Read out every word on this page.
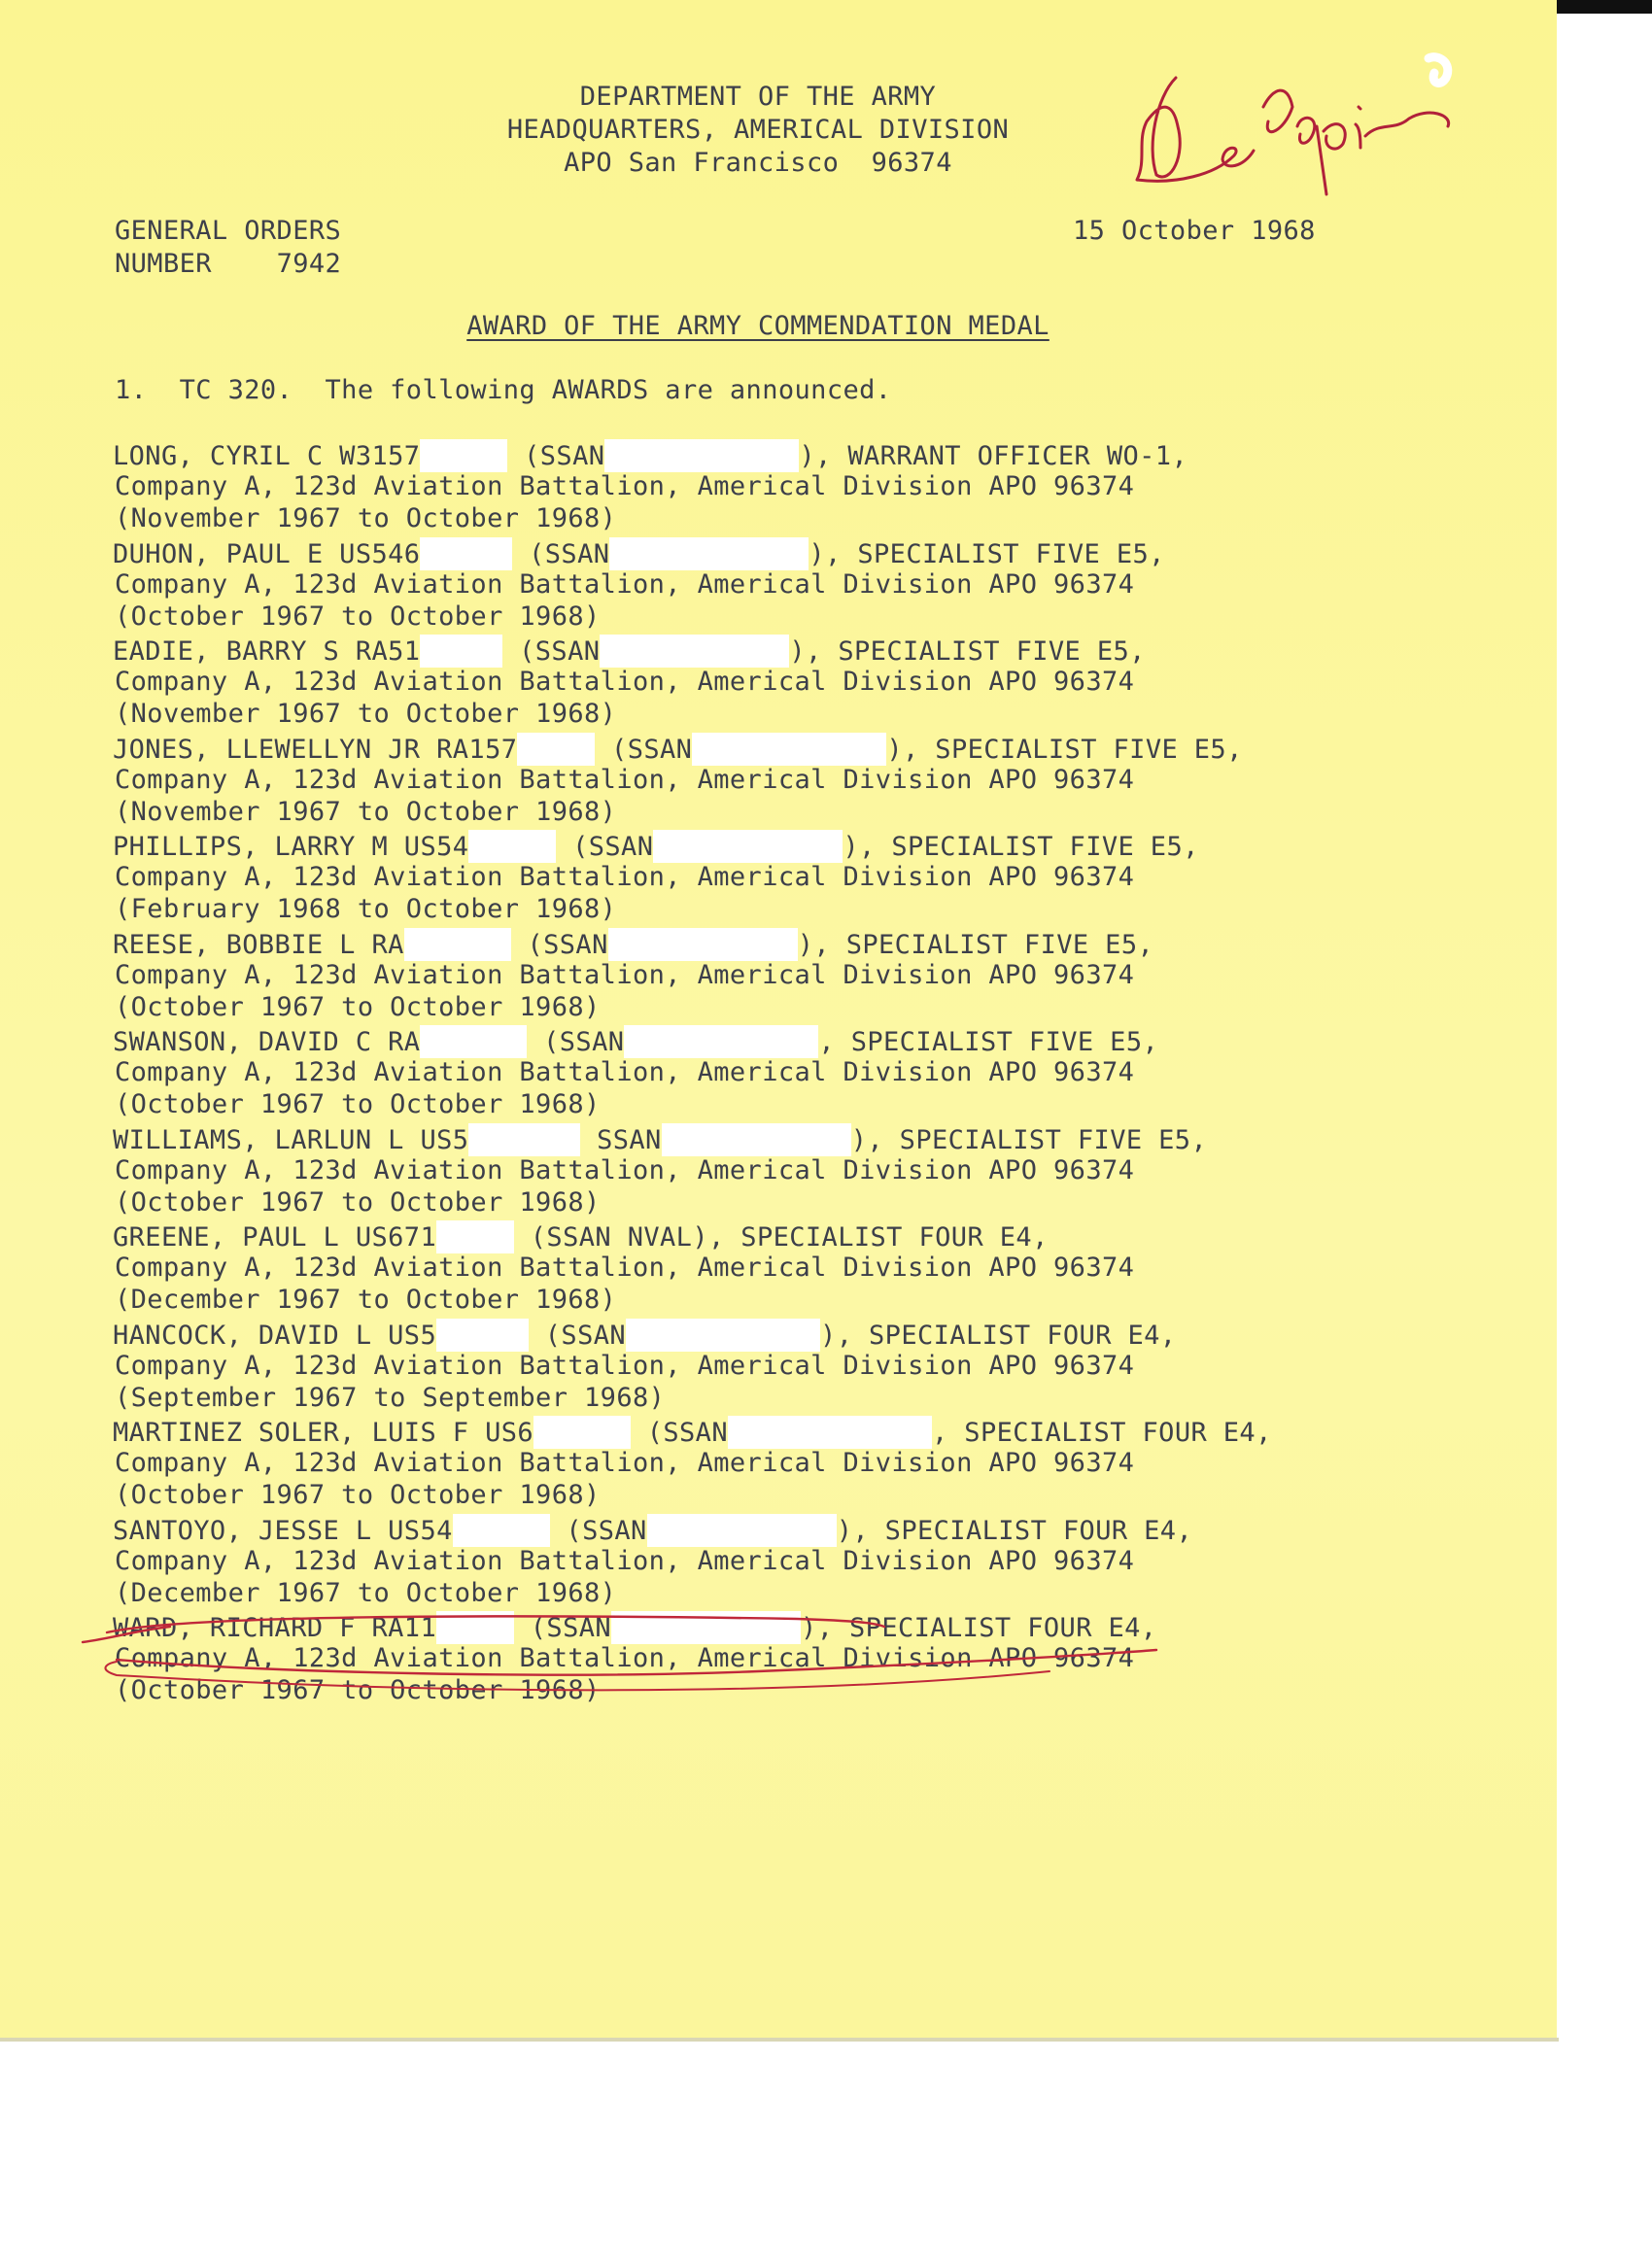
DEPARTMENT OF THE ARMY
HEADQUARTERS, AMERICAL DIVISION
APO San Francisco  96374
GENERAL ORDERS
NUMBER 7942
15 October 1968
AWARD OF THE ARMY COMMENDATION MEDAL
1.  TC 320.  The following AWARDS are announced.
LONG, CYRIL C W3157	(SSAN	), WARRANT OFFICER WO-1,
Company A, 123d Aviation Battalion, Americal Division APO 96374
(November 1967 to October 1968)
DUHON, PAUL E US546	(SSAN	), SPECIALIST FIVE E5,
Company A, 123d Aviation Battalion, Americal Division APO 96374
(October 1967 to October 1968)
EADIE, BARRY S RA51	(SSAN	), SPECIALIST FIVE E5,
Company A, 123d Aviation Battalion, Americal Division APO 96374
(November 1967 to October 1968)
JONES, LLEWELLYN JR RA157	(SSAN	), SPECIALIST FIVE E5,
Company A, 123d Aviation Battalion, Americal Division APO 96374
(November 1967 to October 1968)
PHILLIPS, LARRY M US54	(SSAN	), SPECIALIST FIVE E5,
Company A, 123d Aviation Battalion, Americal Division APO 96374
(February 1968 to October 1968)
REESE, BOBBIE L RA	(SSAN	), SPECIALIST FIVE E5,
Company A, 123d Aviation Battalion, Americal Division APO 96374
(October 1967 to October 1968)
SWANSON, DAVID C RA	(SSAN	, SPECIALIST FIVE E5,
Company A, 123d Aviation Battalion, Americal Division APO 96374
(October 1967 to October 1968)
WILLIAMS, LARLUN L US5	SSAN	), SPECIALIST FIVE E5,
Company A, 123d Aviation Battalion, Americal Division APO 96374
(October 1967 to October 1968)
GREENE, PAUL L US671	(SSAN NVAL), SPECIALIST FOUR E4,
Company A, 123d Aviation Battalion, Americal Division APO 96374
(December 1967 to October 1968)
HANCOCK, DAVID L US5	(SSAN	), SPECIALIST FOUR E4,
Company A, 123d Aviation Battalion, Americal Division APO 96374
(September 1967 to September 1968)
MARTINEZ SOLER, LUIS F US6	(SSAN	, SPECIALIST FOUR E4,
Company A, 123d Aviation Battalion, Americal Division APO 96374
(October 1967 to October 1968)
SANTOYO, JESSE L US54	(SSAN	), SPECIALIST FOUR E4,
Company A, 123d Aviation Battalion, Americal Division APO 96374
(December 1967 to October 1968)
WARD, RICHARD F RA11	(SSAN	), SPECIALIST FOUR E4,
Company A, 123d Aviation Battalion, Americal Division APO 96374
(October 1967 to October 1968)
